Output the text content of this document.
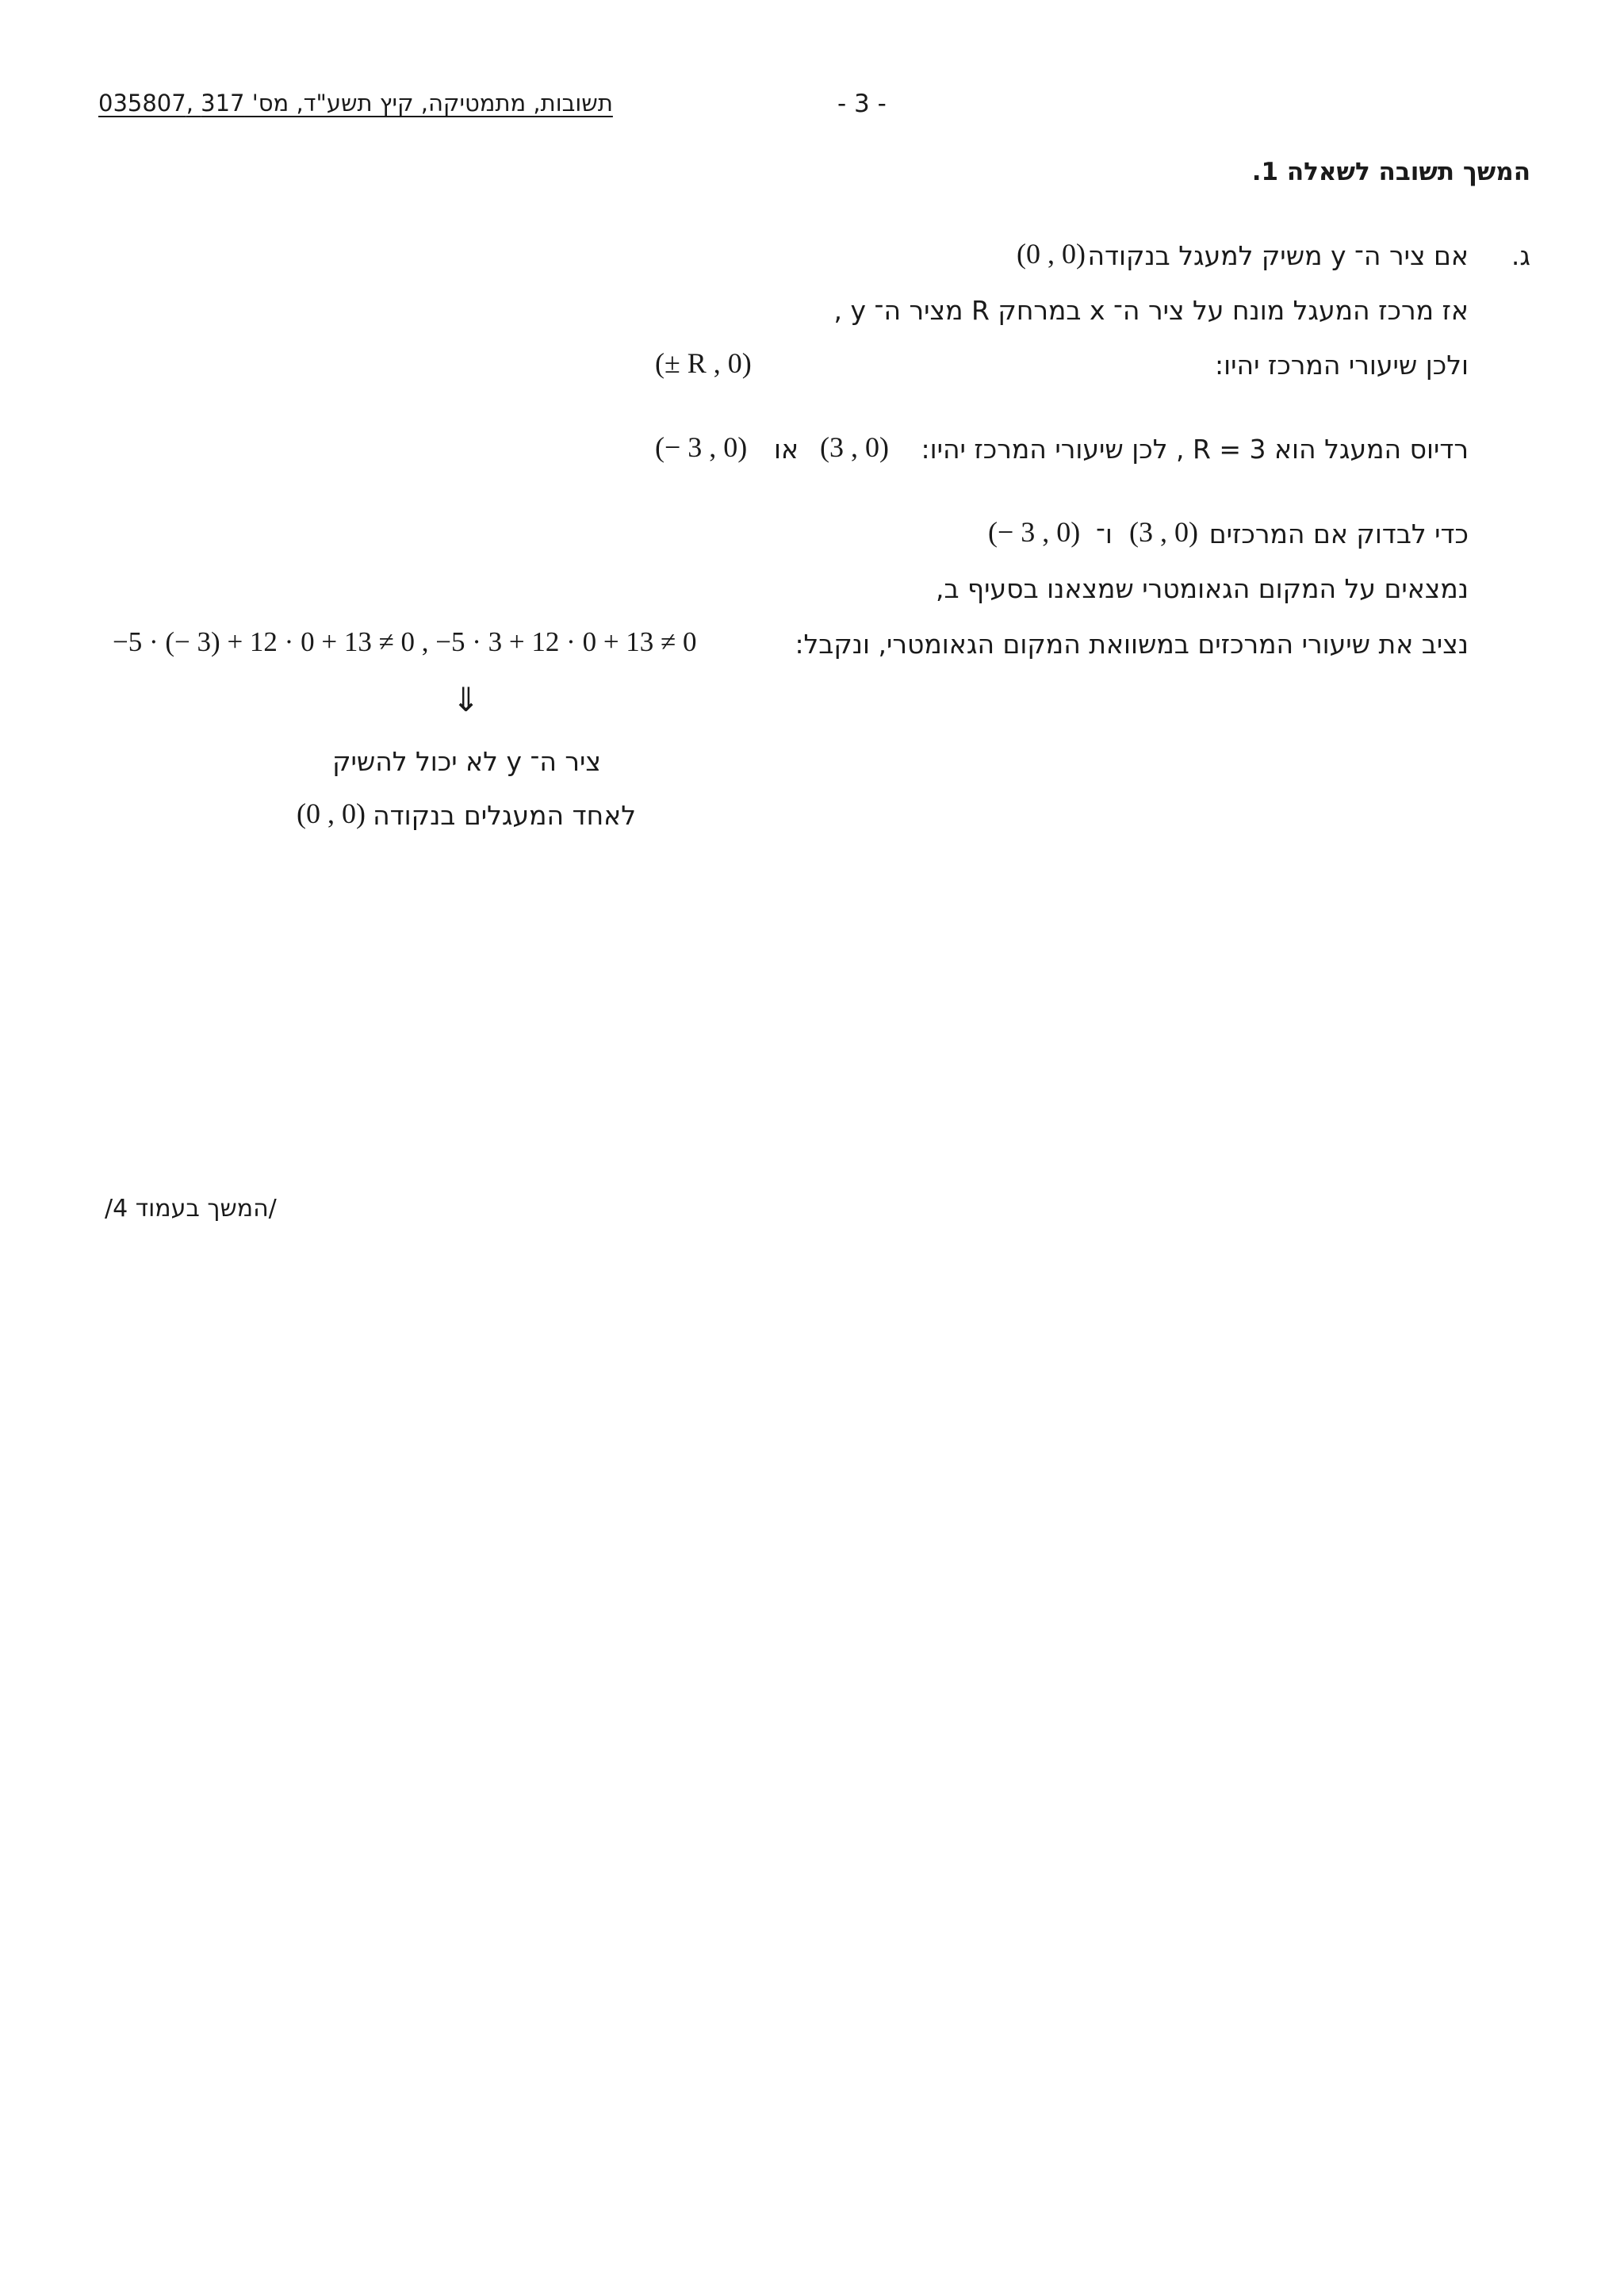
תשובות, מתמטיקה, קיץ תשע"ד, מס' 317 ,035807	- 3 -
המשך תשובה לשאלה 1.
ג.
אם ציר ה־ y משיק למעגל בנקודה
(0 , 0)
אז מרכז המעגל מונח על ציר ה־ x במרחק R מציר ה־ y ,
ולכן שיעורי המרכז יהיו:
(± R , 0)
רדיוס המעגל הוא R = 3 , לכן שיעורי המרכז יהיו:
(3 , 0)
או
(− 3 , 0)
כדי לבדוק אם המרכזים
(3 , 0)
ו־
(− 3 , 0)
נמצאים על המקום הגאומטרי שמצאנו בסעיף ב,
נציב את שיעורי המרכזים במשוואת המקום הגאומטרי, ונקבל:
−5 · (− 3) + 12 · 0 + 13 ≠ 0 , −5 · 3 + 12 · 0 + 13 ≠ 0
⇓
ציר ה־ y לא יכול להשיק
לאחד המעגלים בנקודה
(0 , 0)
/המשך בעמוד 4/
